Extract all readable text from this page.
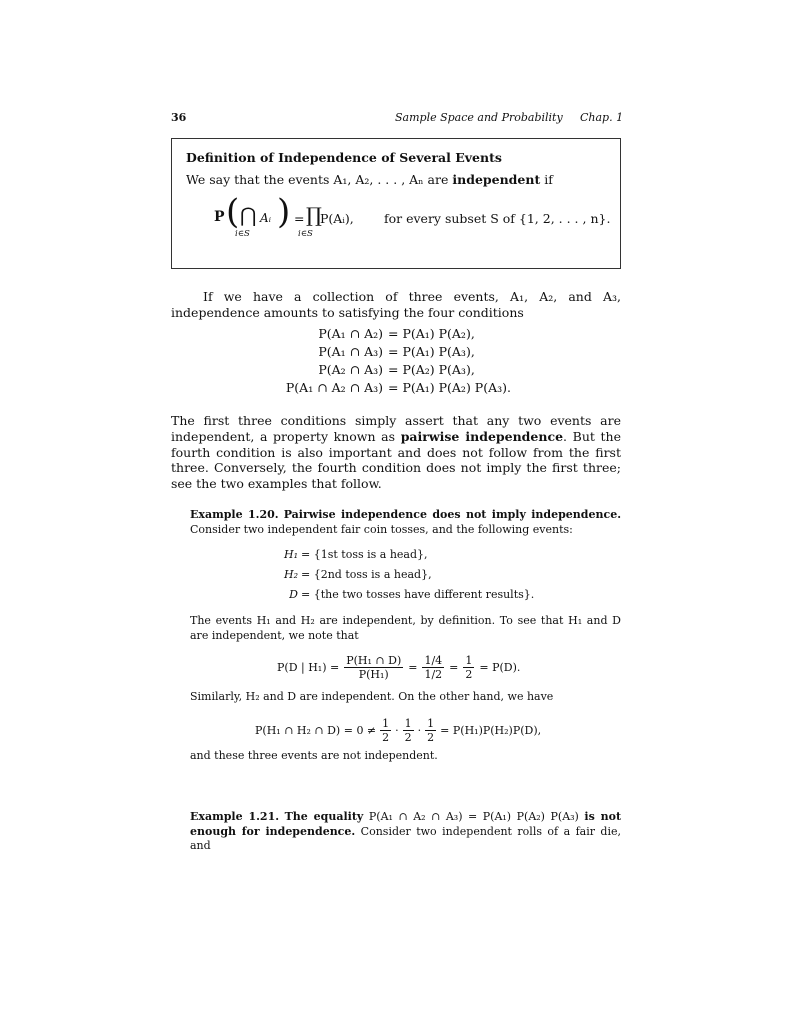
36	Sample Space and Probability Chap. 1
Definition of Independence of Several Events
We say that the events A₁, A₂, . . . , Aₙ are independent if
P ( ⋂
i∈S
Aᵢ ) = ∏
i∈S
P(Aᵢ), for every subset S of {1, 2, . . . , n}.
If we have a collection of three events, A₁, A₂, and A₃, independence amounts to satisfying the four conditions
P(A₁ ∩ A₂) = P(A₁) P(A₂),
P(A₁ ∩ A₃) = P(A₁) P(A₃),
P(A₂ ∩ A₃) = P(A₂) P(A₃),
P(A₁ ∩ A₂ ∩ A₃) = P(A₁) P(A₂) P(A₃).
The first three conditions simply assert that any two events are independent, a property known as pairwise independence. But the fourth condition is also important and does not follow from the first three. Conversely, the fourth condition does not imply the first three; see the two examples that follow.
Example 1.20. Pairwise independence does not imply independence. Consider two independent fair coin tosses, and the following events:
H₁ = {1st toss is a head},
H₂ = {2nd toss is a head},
D = {the two tosses have different results}.
The events H₁ and H₂ are independent, by definition. To see that H₁ and D are independent, we note that
P(D | $H_1) = \frac{\text{P(H₁ ∩ D)}}{\text{P(H₁)}} = \frac{1/4}{1/2} = \frac{1}{2} = P(D)$.
Similarly, H₂ and D are independent. On the other hand, we have
P(H₁ ∩ H₂ ∩ $D) = 0 \ne \frac{1}{2} \cdot \frac{1}{2} \cdot \frac{1}{2} = P(H_1)P(H_2)P(D)$,
and these three events are not independent.
Example 1.21. The equality P(A₁ ∩ A₂ ∩ A₃) = P(A₁) P(A₂) P(A₃) is not enough for independence. Consider two independent rolls of a fair die, and
